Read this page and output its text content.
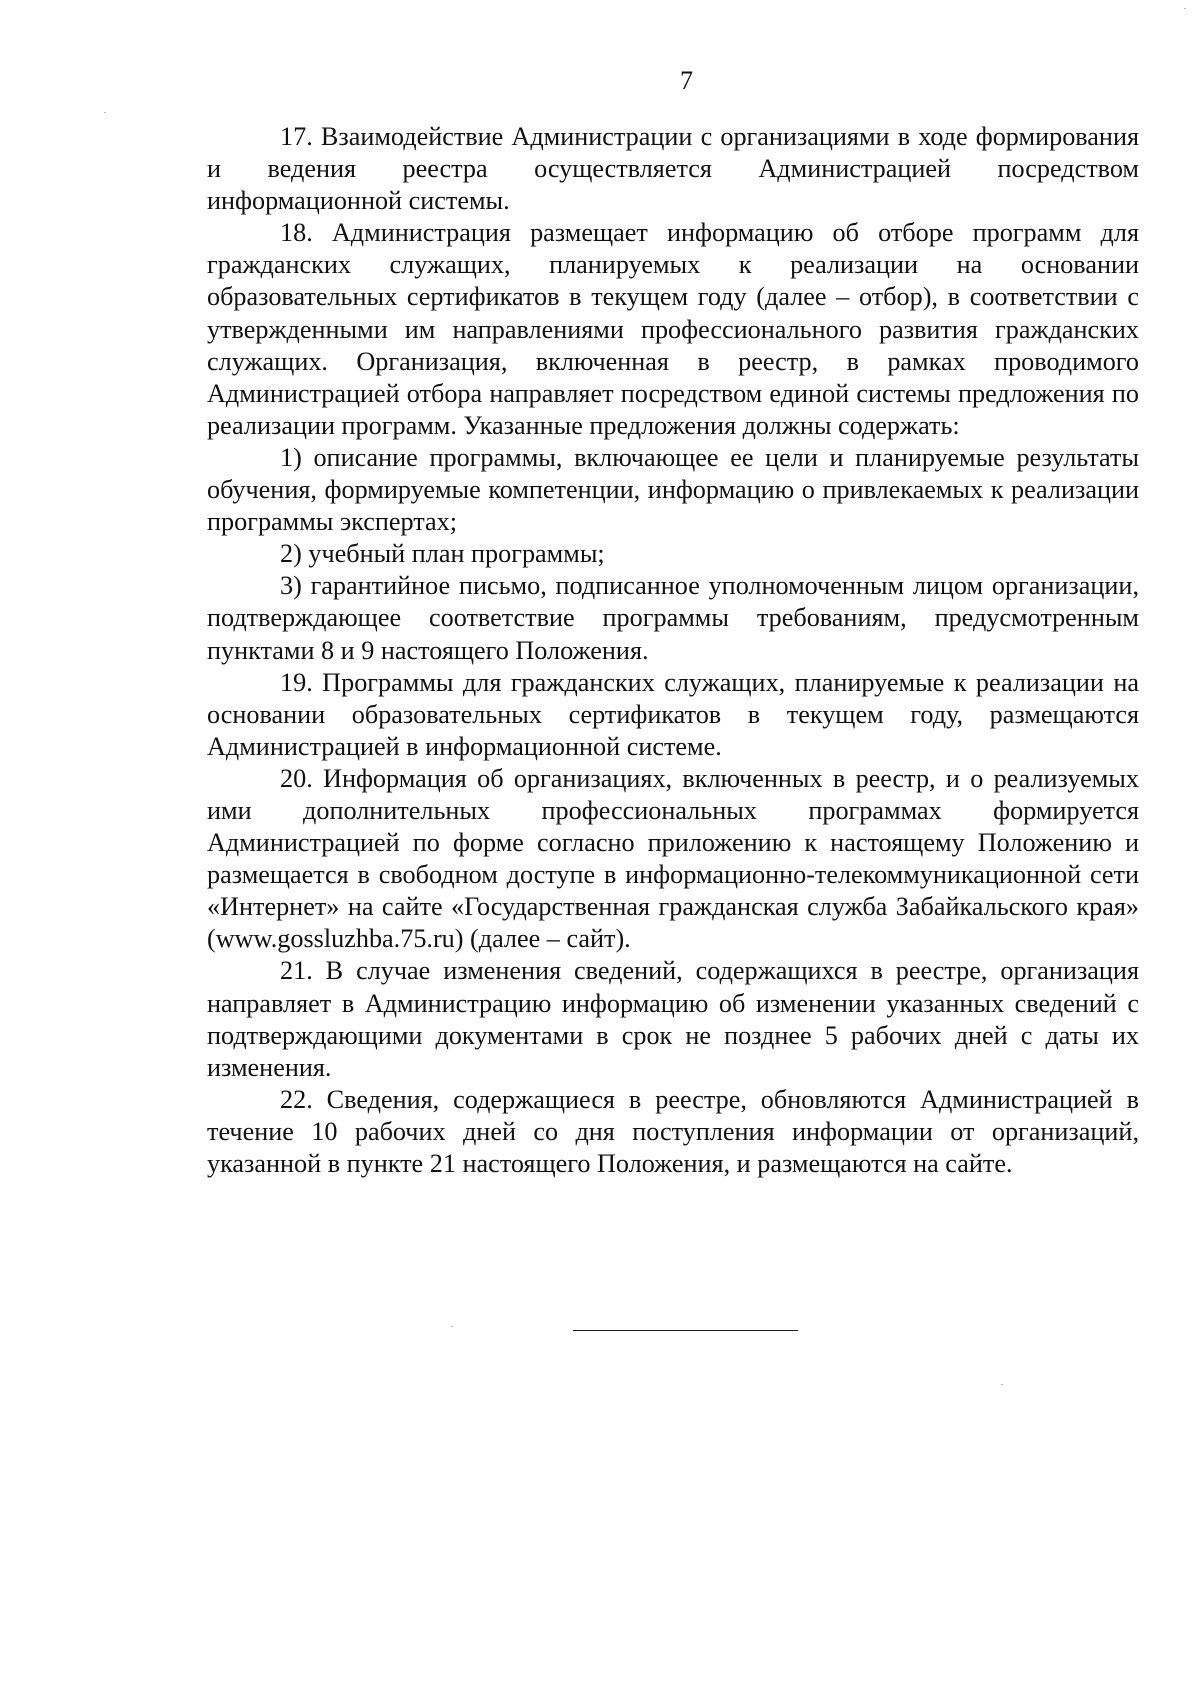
7

17. Взаимодействие Администрации с организациями в ходе формирования и ведения реестра осуществляется Администрацией посредством информационной системы.

18. Администрация размещает информацию об отборе программ для гражданских служащих, планируемых к реализации на основании образовательных сертификатов в текущем году (далее – отбор), в соответствии с утвержденными им направлениями профессионального развития гражданских служащих. Организация, включенная в реестр, в рамках проводимого Администрацией отбора направляет посредством единой системы предложения по реализации программ. Указанные предложения должны содержать:

1) описание программы, включающее ее цели и планируемые результаты обучения, формируемые компетенции, информацию о привлекаемых к реализации программы экспертах;

2) учебный план программы;

3) гарантийное письмо, подписанное уполномоченным лицом организации, подтверждающее соответствие программы требованиям, предусмотренным пунктами 8 и 9 настоящего Положения.

19. Программы для гражданских служащих, планируемые к реализации на основании образовательных сертификатов в текущем году, размещаются Администрацией в информационной системе.

20. Информация об организациях, включенных в реестр, и о реализуемых ими дополнительных профессиональных программах формируется Администрацией по форме согласно приложению к настоящему Положению и размещается в свободном доступе в информационно-телекоммуникационной сети «Интернет» на сайте «Государственная гражданская служба Забайкальского края» (www.gossluzhba.75.ru) (далее – сайт).

21. В случае изменения сведений, содержащихся в реестре, организация направляет в Администрацию информацию об изменении указанных сведений с подтверждающими документами в срок не позднее 5 рабочих дней с даты их изменения.

22. Сведения, содержащиеся в реестре, обновляются Администрацией в течение 10 рабочих дней со дня поступления информации от организаций, указанной в пункте 21 настоящего Положения, и размещаются на сайте.
